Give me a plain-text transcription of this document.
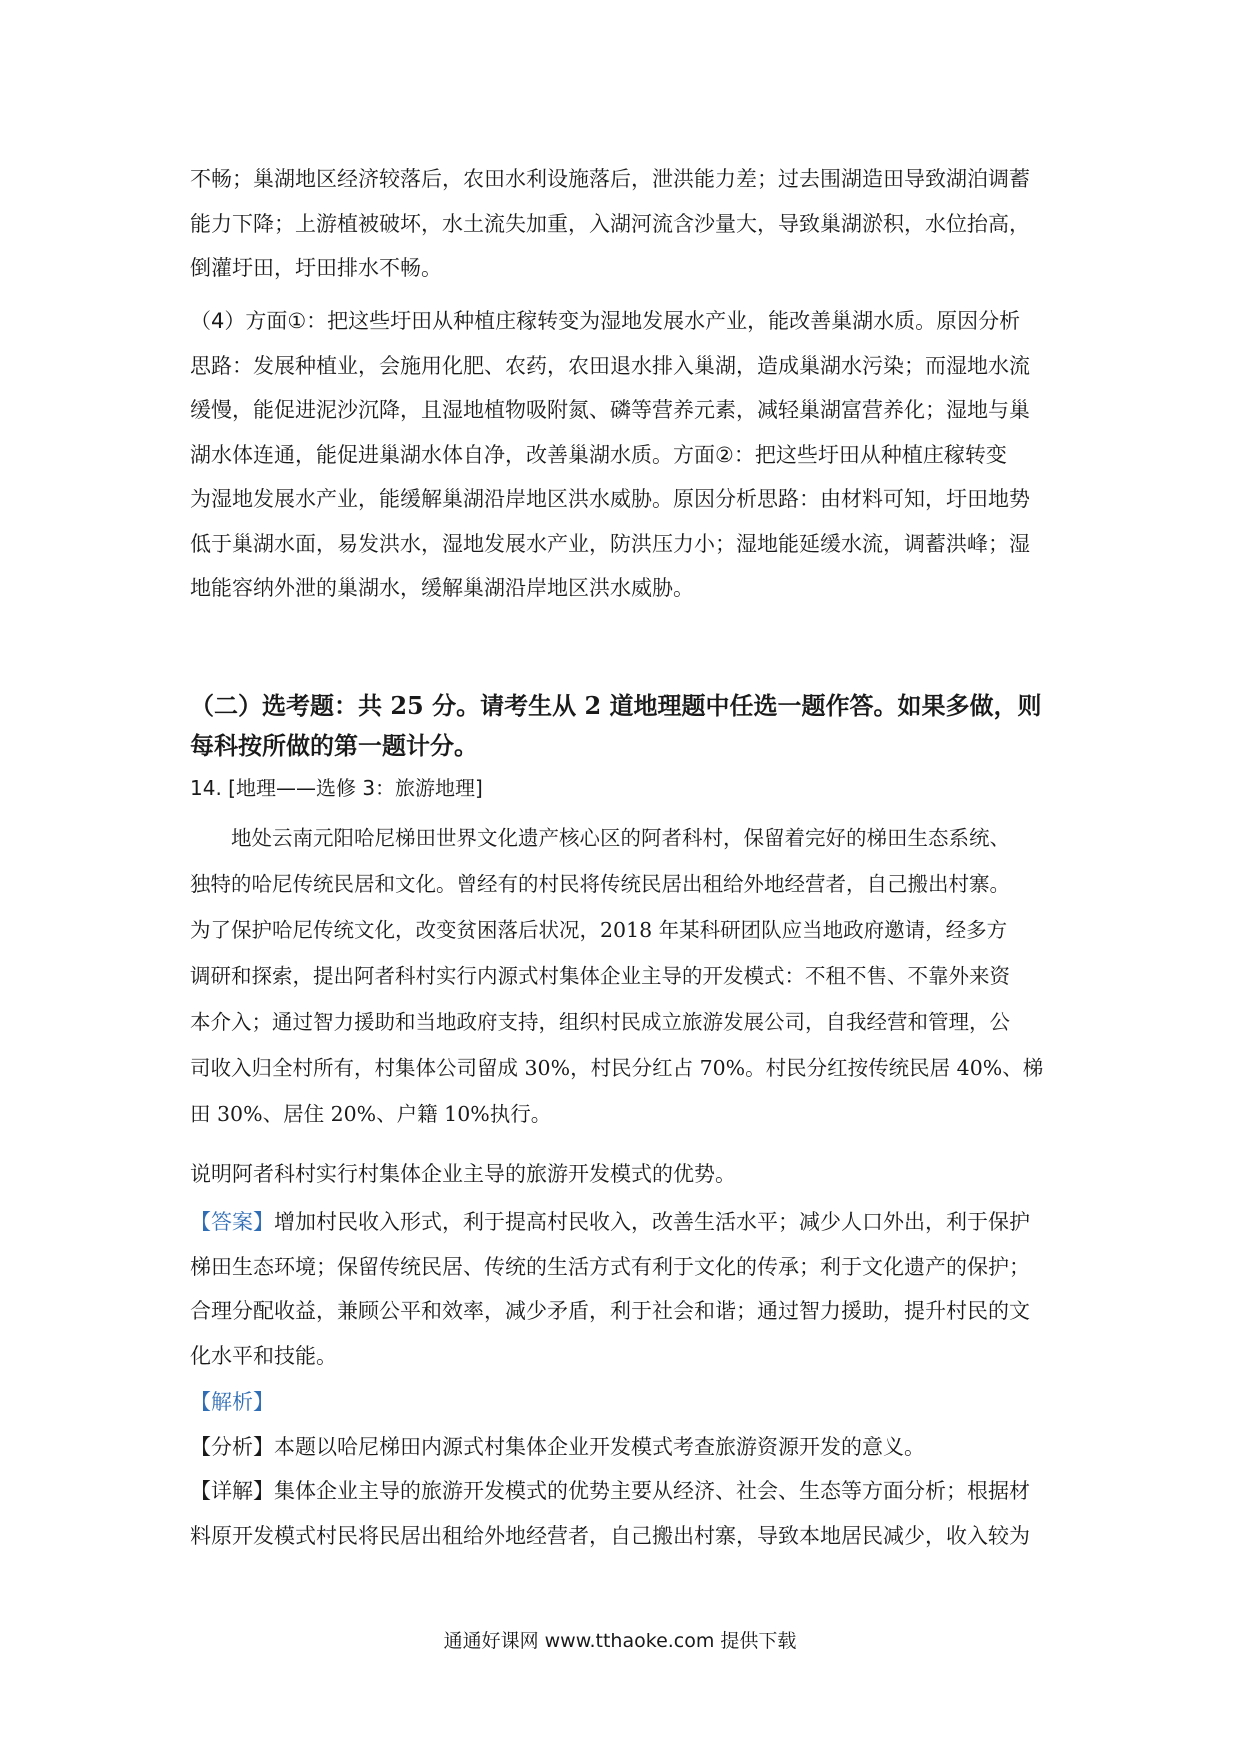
不畅；巢湖地区经济较落后，农田水利设施落后，泄洪能力差；过去围湖造田导致湖泊调蓄
能力下降；上游植被破坏，水土流失加重，入湖河流含沙量大，导致巢湖淤积，水位抬高，
倒灌圩田，圩田排水不畅。

（4）方面①：把这些圩田从种植庄稼转变为湿地发展水产业，能改善巢湖水质。原因分析
思路：发展种植业，会施用化肥、农药，农田退水排入巢湖，造成巢湖水污染；而湿地水流
缓慢，能促进泥沙沉降，且湿地植物吸附氮、磷等营养元素，减轻巢湖富营养化；湿地与巢
湖水体连通，能促进巢湖水体自净，改善巢湖水质。方面②：把这些圩田从种植庄稼转变
为湿地发展水产业，能缓解巢湖沿岸地区洪水威胁。原因分析思路：由材料可知，圩田地势
低于巢湖水面，易发洪水，湿地发展水产业，防洪压力小；湿地能延缓水流，调蓄洪峰；湿
地能容纳外泄的巢湖水，缓解巢湖沿岸地区洪水威胁。

（二）选考题：共 25 分。请考生从 2 道地理题中任选一题作答。如果多做，则
每科按所做的第一题计分。

14. [地理——选修 3：旅游地理]

　　地处云南元阳哈尼梯田世界文化遗产核心区的阿者科村，保留着完好的梯田生态系统、
独特的哈尼传统民居和文化。曾经有的村民将传统民居出租给外地经营者，自己搬出村寨。
为了保护哈尼传统文化，改变贫困落后状况，2018 年某科研团队应当地政府邀请，经多方
调研和探索，提出阿者科村实行内源式村集体企业主导的开发模式：不租不售、不靠外来资
本介入；通过智力援助和当地政府支持，组织村民成立旅游发展公司，自我经营和管理，公
司收入归全村所有，村集体公司留成 30%，村民分红占 70%。村民分红按传统民居 40%、梯
田 30%、居住 20%、户籍 10%执行。

说明阿者科村实行村集体企业主导的旅游开发模式的优势。

【答案】增加村民收入形式，利于提高村民收入，改善生活水平；减少人口外出，利于保护
梯田生态环境；保留传统民居、传统的生活方式有利于文化的传承；利于文化遗产的保护；
合理分配收益，兼顾公平和效率，减少矛盾，利于社会和谐；通过智力援助，提升村民的文
化水平和技能。

【解析】
【分析】本题以哈尼梯田内源式村集体企业开发模式考查旅游资源开发的意义。
【详解】集体企业主导的旅游开发模式的优势主要从经济、社会、生态等方面分析；根据材
料原开发模式村民将民居出租给外地经营者，自己搬出村寨，导致本地居民减少，收入较为

通通好课网 www.tthaoke.com 提供下载
